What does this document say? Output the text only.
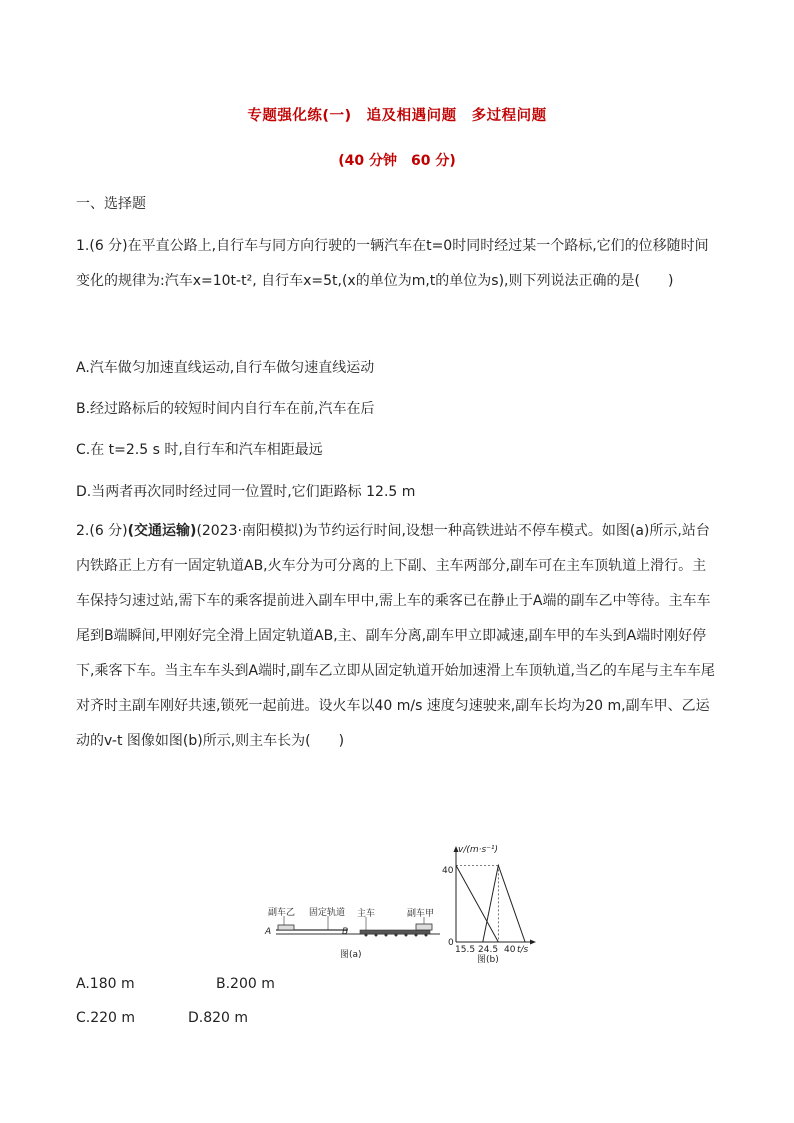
专题强化练(一)　追及相遇问题　多过程问题
(40 分钟　60 分)
一、选择题
1.(6 分)在平直公路上,自行车与同方向行驶的一辆汽车在t=0时同时经过某一个路标,它们的位移随时间变化的规律为:汽车x=10t-t², 自行车x=5t,(x的单位为m,t的单位为s),则下列说法正确的是(　　)
A.汽车做匀加速直线运动,自行车做匀速直线运动
B.经过路标后的较短时间内自行车在前,汽车在后
C.在 t=2.5 s 时,自行车和汽车相距最远
D.当两者再次同时经过同一位置时,它们距路标 12.5 m
2.(6 分)(交通运输)(2023·南阳模拟)为节约运行时间,设想一种高铁进站不停车模式。如图(a)所示,站台内铁路正上方有一固定轨道AB,火车分为可分离的上下副、主车两部分,副车可在主车顶轨道上滑行。主车保持匀速过站,需下车的乘客提前进入副车甲中,需上车的乘客已在静止于A端的副车乙中等待。主车车尾到B端瞬间,甲刚好完全滑上固定轨道AB,主、副车分离,副车甲立即减速,副车甲的车头到A端时刚好停下,乘客下车。当主车车头到A端时,副车乙立即从固定轨道开始加速滑上车顶轨道,当乙的车尾与主车车尾对齐时主副车刚好共速,锁死一起前进。设火车以40 m/s 速度匀速驶来,副车长均为20 m,副车甲、乙运动的v-t 图像如图(b)所示,则主车长为(　　)
副车乙 固定轨道 主车	副车甲
A	B
图(a)
v/(m·s⁻¹)
40
0
15.5 24.5 40 t/s
图(b)
A.180 m	B.200 m
C.220 m	D.820 m
